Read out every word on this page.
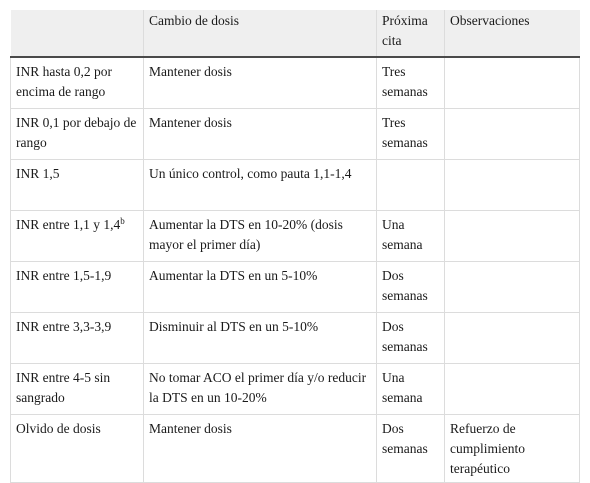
	Cambio de dosis	Próxima cita	Observaciones
INR hasta 0,2 por encima de rango	Mantener dosis	Tres semanas	
INR 0,1 por debajo de rango	Mantener dosis	Tres semanas	
INR 1,5	Un único control, como pauta 1,1-1,4		
INR entre 1,1 y 1,4$^b$	Aumentar la DTS en 10-20% (dosis mayor el primer día)	Una semana	
INR entre 1,5-1,9	Aumentar la DTS en un 5-10%	Dos semanas	
INR entre 3,3-3,9	Disminuir al DTS en un 5-10%	Dos semanas	
INR entre 4-5 sin sangrado	No tomar ACO el primer día y/o reducir la DTS en un 10-20%	Una semana	
Olvido de dosis	Mantener dosis	Dos semanas	Refuerzo de cumplimiento terapéutico
